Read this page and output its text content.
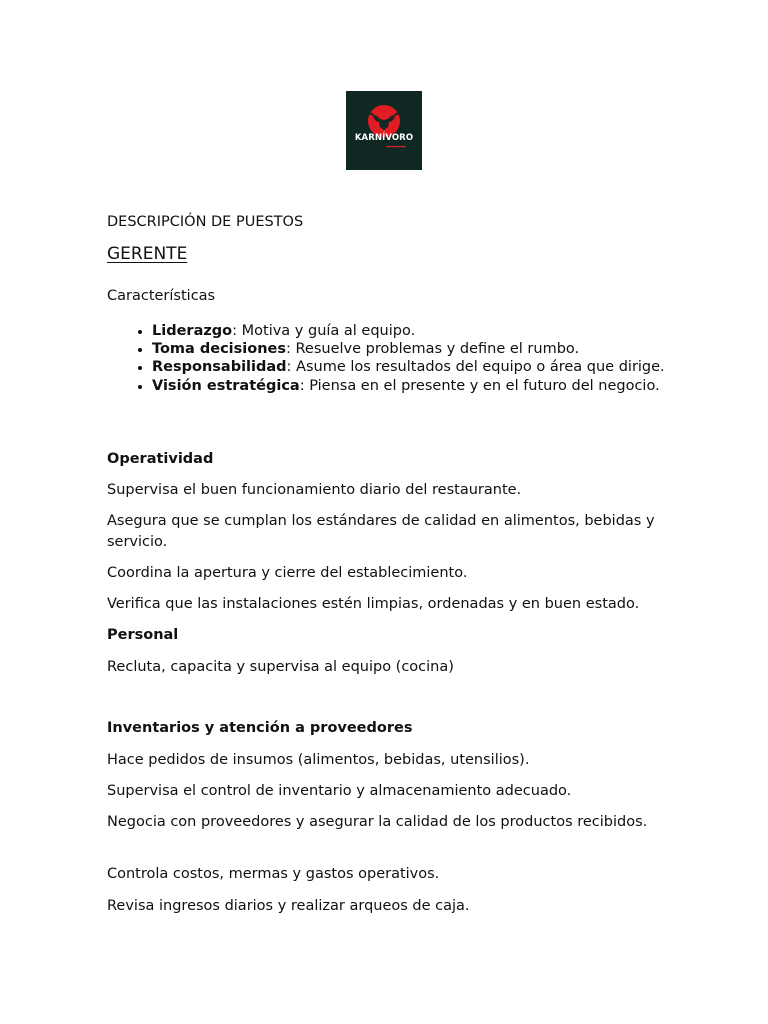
KARNÍVORO

DESCRIPCIÓN DE PUESTOS

GERENTE

Características

• Liderazgo: Motiva y guía al equipo.
• Toma decisiones: Resuelve problemas y define el rumbo.
• Responsabilidad: Asume los resultados del equipo o área que dirige.
• Visión estratégica: Piensa en el presente y en el futuro del negocio.

Operatividad

Supervisa el buen funcionamiento diario del restaurante.

Asegura que se cumplan los estándares de calidad en alimentos, bebidas y servicio.

Coordina la apertura y cierre del establecimiento.

Verifica que las instalaciones estén limpias, ordenadas y en buen estado.

Personal

Recluta, capacita y supervisa al equipo (cocina)

Inventarios y atención a proveedores

Hace pedidos de insumos (alimentos, bebidas, utensilios).

Supervisa el control de inventario y almacenamiento adecuado.

Negocia con proveedores y asegurar la calidad de los productos recibidos.

Controla costos, mermas y gastos operativos.

Revisa ingresos diarios y realizar arqueos de caja.
